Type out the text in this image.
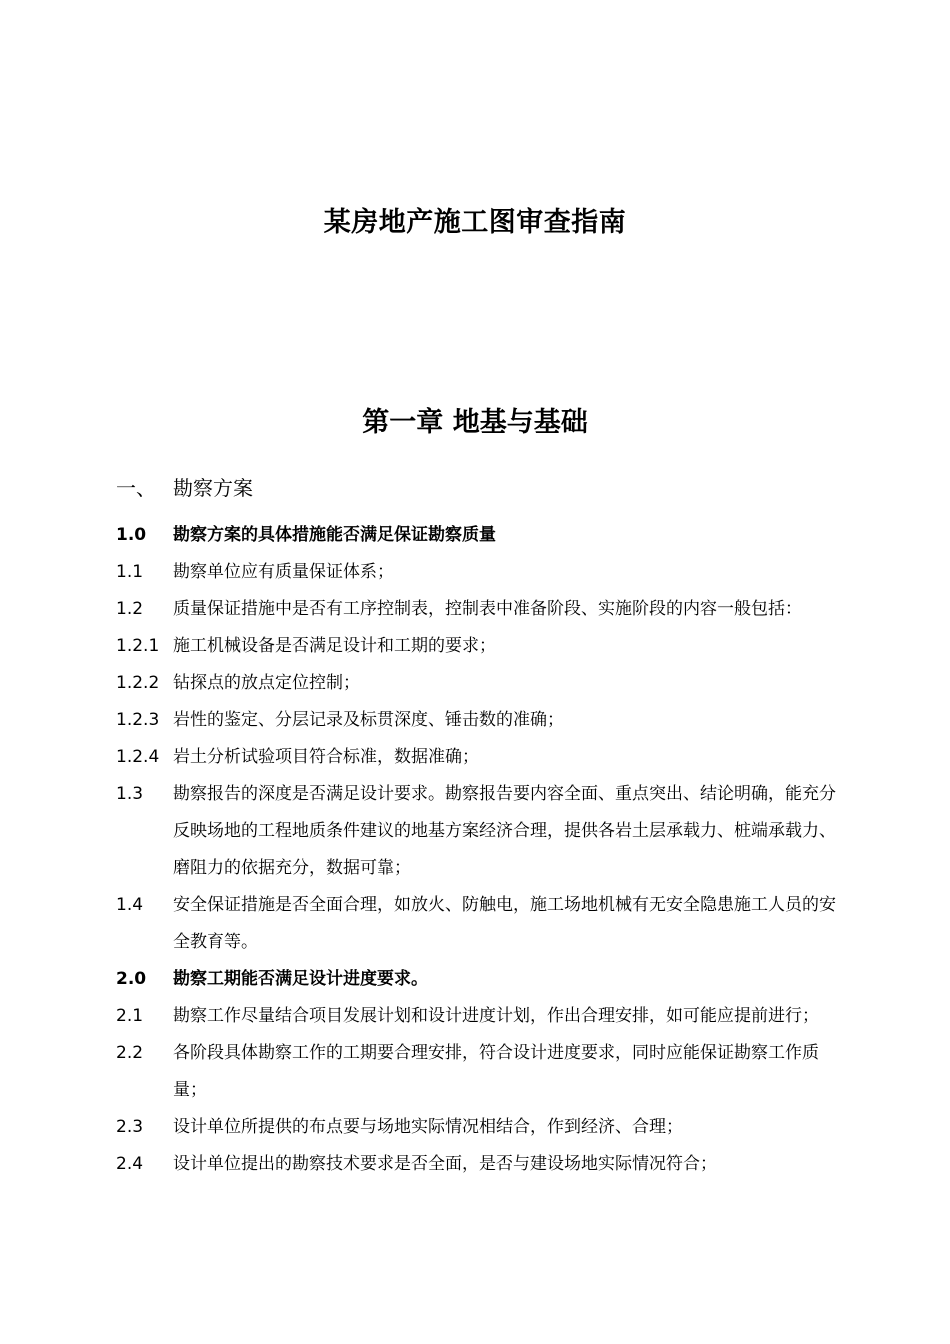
某房地产施工图审查指南
第一章 地基与基础
一、 勘察方案
1.0	勘察方案的具体措施能否满足保证勘察质量
1.1	勘察单位应有质量保证体系；
1.2	质量保证措施中是否有工序控制表，控制表中准备阶段、实施阶段的内容一般包括：
1.2.1 施工机械设备是否满足设计和工期的要求；
1.2.2 钻探点的放点定位控制；
1.2.3 岩性的鉴定、分层记录及标贯深度、锤击数的准确；
1.2.4 岩土分析试验项目符合标准，数据准确；
1.3	勘察报告的深度是否满足设计要求。勘察报告要内容全面、重点突出、结论明确，能充分反映场地的工程地质条件建议的地基方案经济合理，提供各岩土层承载力、桩端承载力、磨阻力的依据充分，数据可靠；
1.4	安全保证措施是否全面合理，如放火、防触电，施工场地机械有无安全隐患施工人员的安全教育等。
2.0	勘察工期能否满足设计进度要求。
2.1	勘察工作尽量结合项目发展计划和设计进度计划，作出合理安排，如可能应提前进行；
2.2	各阶段具体勘察工作的工期要合理安排，符合设计进度要求，同时应能保证勘察工作质量；
2.3	设计单位所提供的布点要与场地实际情况相结合，作到经济、合理；
2.4	设计单位提出的勘察技术要求是否全面，是否与建设场地实际情况符合；
